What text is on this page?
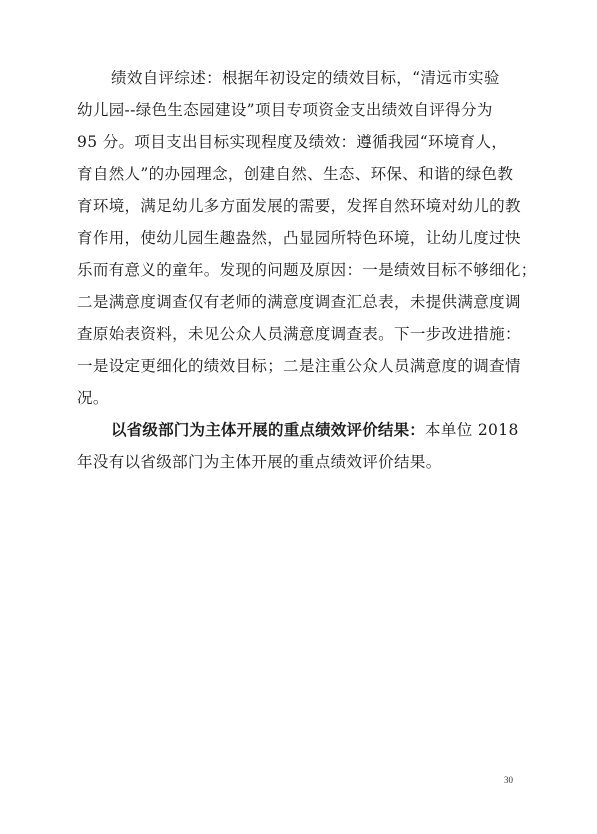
绩效自评综述：根据年初设定的绩效目标，“清远市实验
幼儿园--绿色生态园建设”项目专项资金支出绩效自评得分为
95 分。项目支出目标实现程度及绩效：遵循我园“环境育人，
育自然人”的办园理念，创建自然、生态、环保、和谐的绿色教
育环境，满足幼儿多方面发展的需要，发挥自然环境对幼儿的教
育作用，使幼儿园生趣盎然，凸显园所特色环境，让幼儿度过快
乐而有意义的童年。发现的问题及原因：一是绩效目标不够细化；
二是满意度调查仅有老师的满意度调查汇总表，未提供满意度调
查原始表资料，未见公众人员满意度调查表。下一步改进措施：
一是设定更细化的绩效目标；二是注重公众人员满意度的调查情
况。
以省级部门为主体开展的重点绩效评价结果：本单位 2018
年没有以省级部门为主体开展的重点绩效评价结果。
30
